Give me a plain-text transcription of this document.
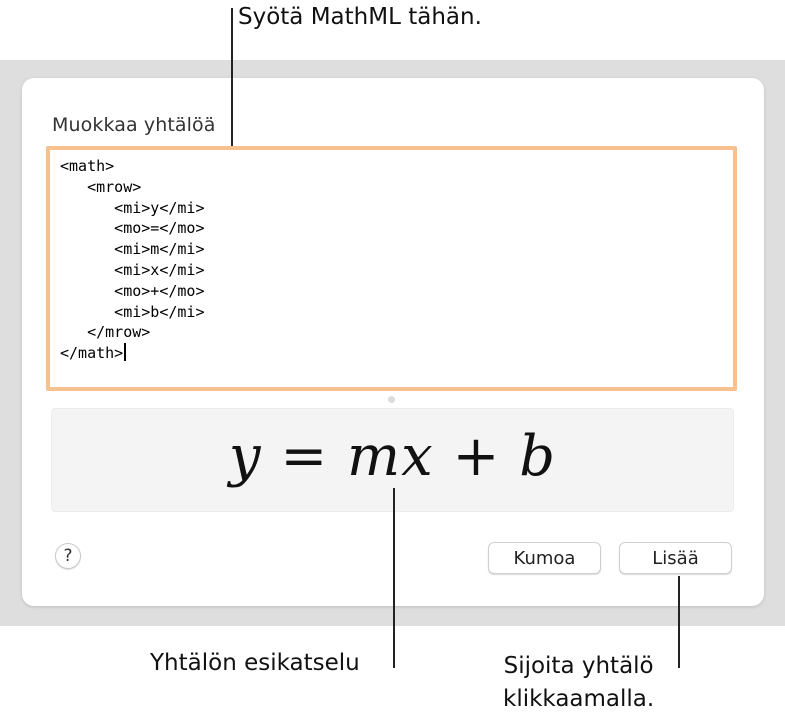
Muokkaa yhtälöä
<math>
<mrow>
<mi>y</mi>
<mo>=</mo>
<mi>m</mi>
<mi>x</mi>
<mo>+</mo>
<mi>b</mi>
</mrow>
</math>
y = mx + b
?	Kumoa	Lisää
Syötä MathML tähän.
Yhtälön esikatselu	Sijoita yhtälö
klikkaamalla.
